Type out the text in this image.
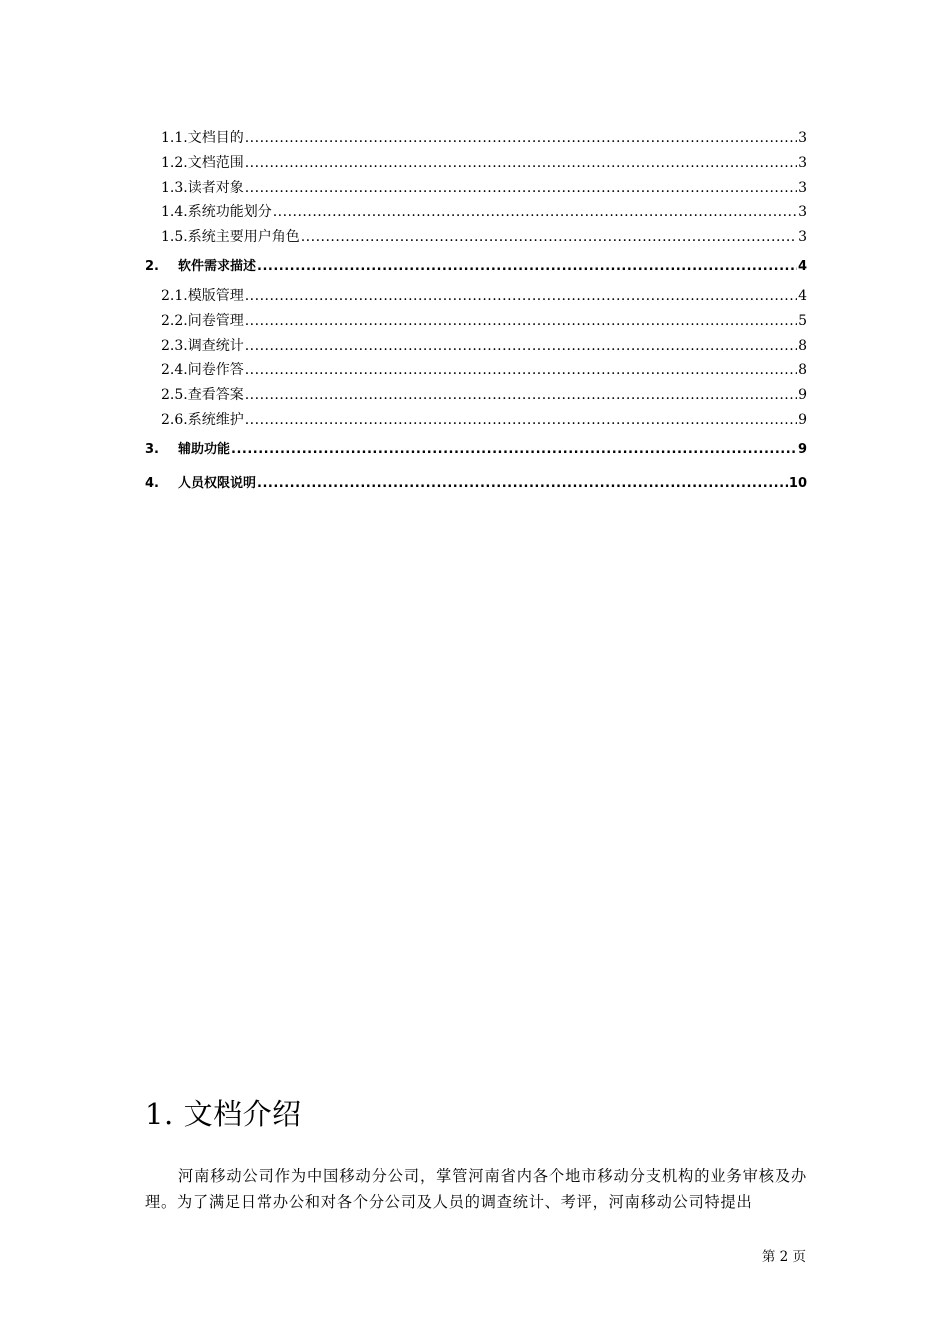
1.1. 文档目的 .....	3
1.2. 文档范围 .....	3
1.3. 读者对象 .....	3
1.4. 系统功能划分 .....	3
1.5. 系统主要用户角色 .....	3
2.	软件需求描述 .....	4
2.1. 模版管理 .....	4
2.2. 问卷管理 .....	5
2.3. 调查统计 .....	8
2.4. 问卷作答 .....	8
2.5. 查看答案 .....	9
2.6. 系统维护 .....	9
3.	辅助功能 .....	9
4.	人员权限说明 .....	10
1. 文档介绍

河南移动公司作为中国移动分公司，掌管河南省内各个地市移动分支机构的业务审核及办理。为了满足日常办公和对各个分公司及人员的调查统计、考评，河南移动公司特提出

第 2 页
